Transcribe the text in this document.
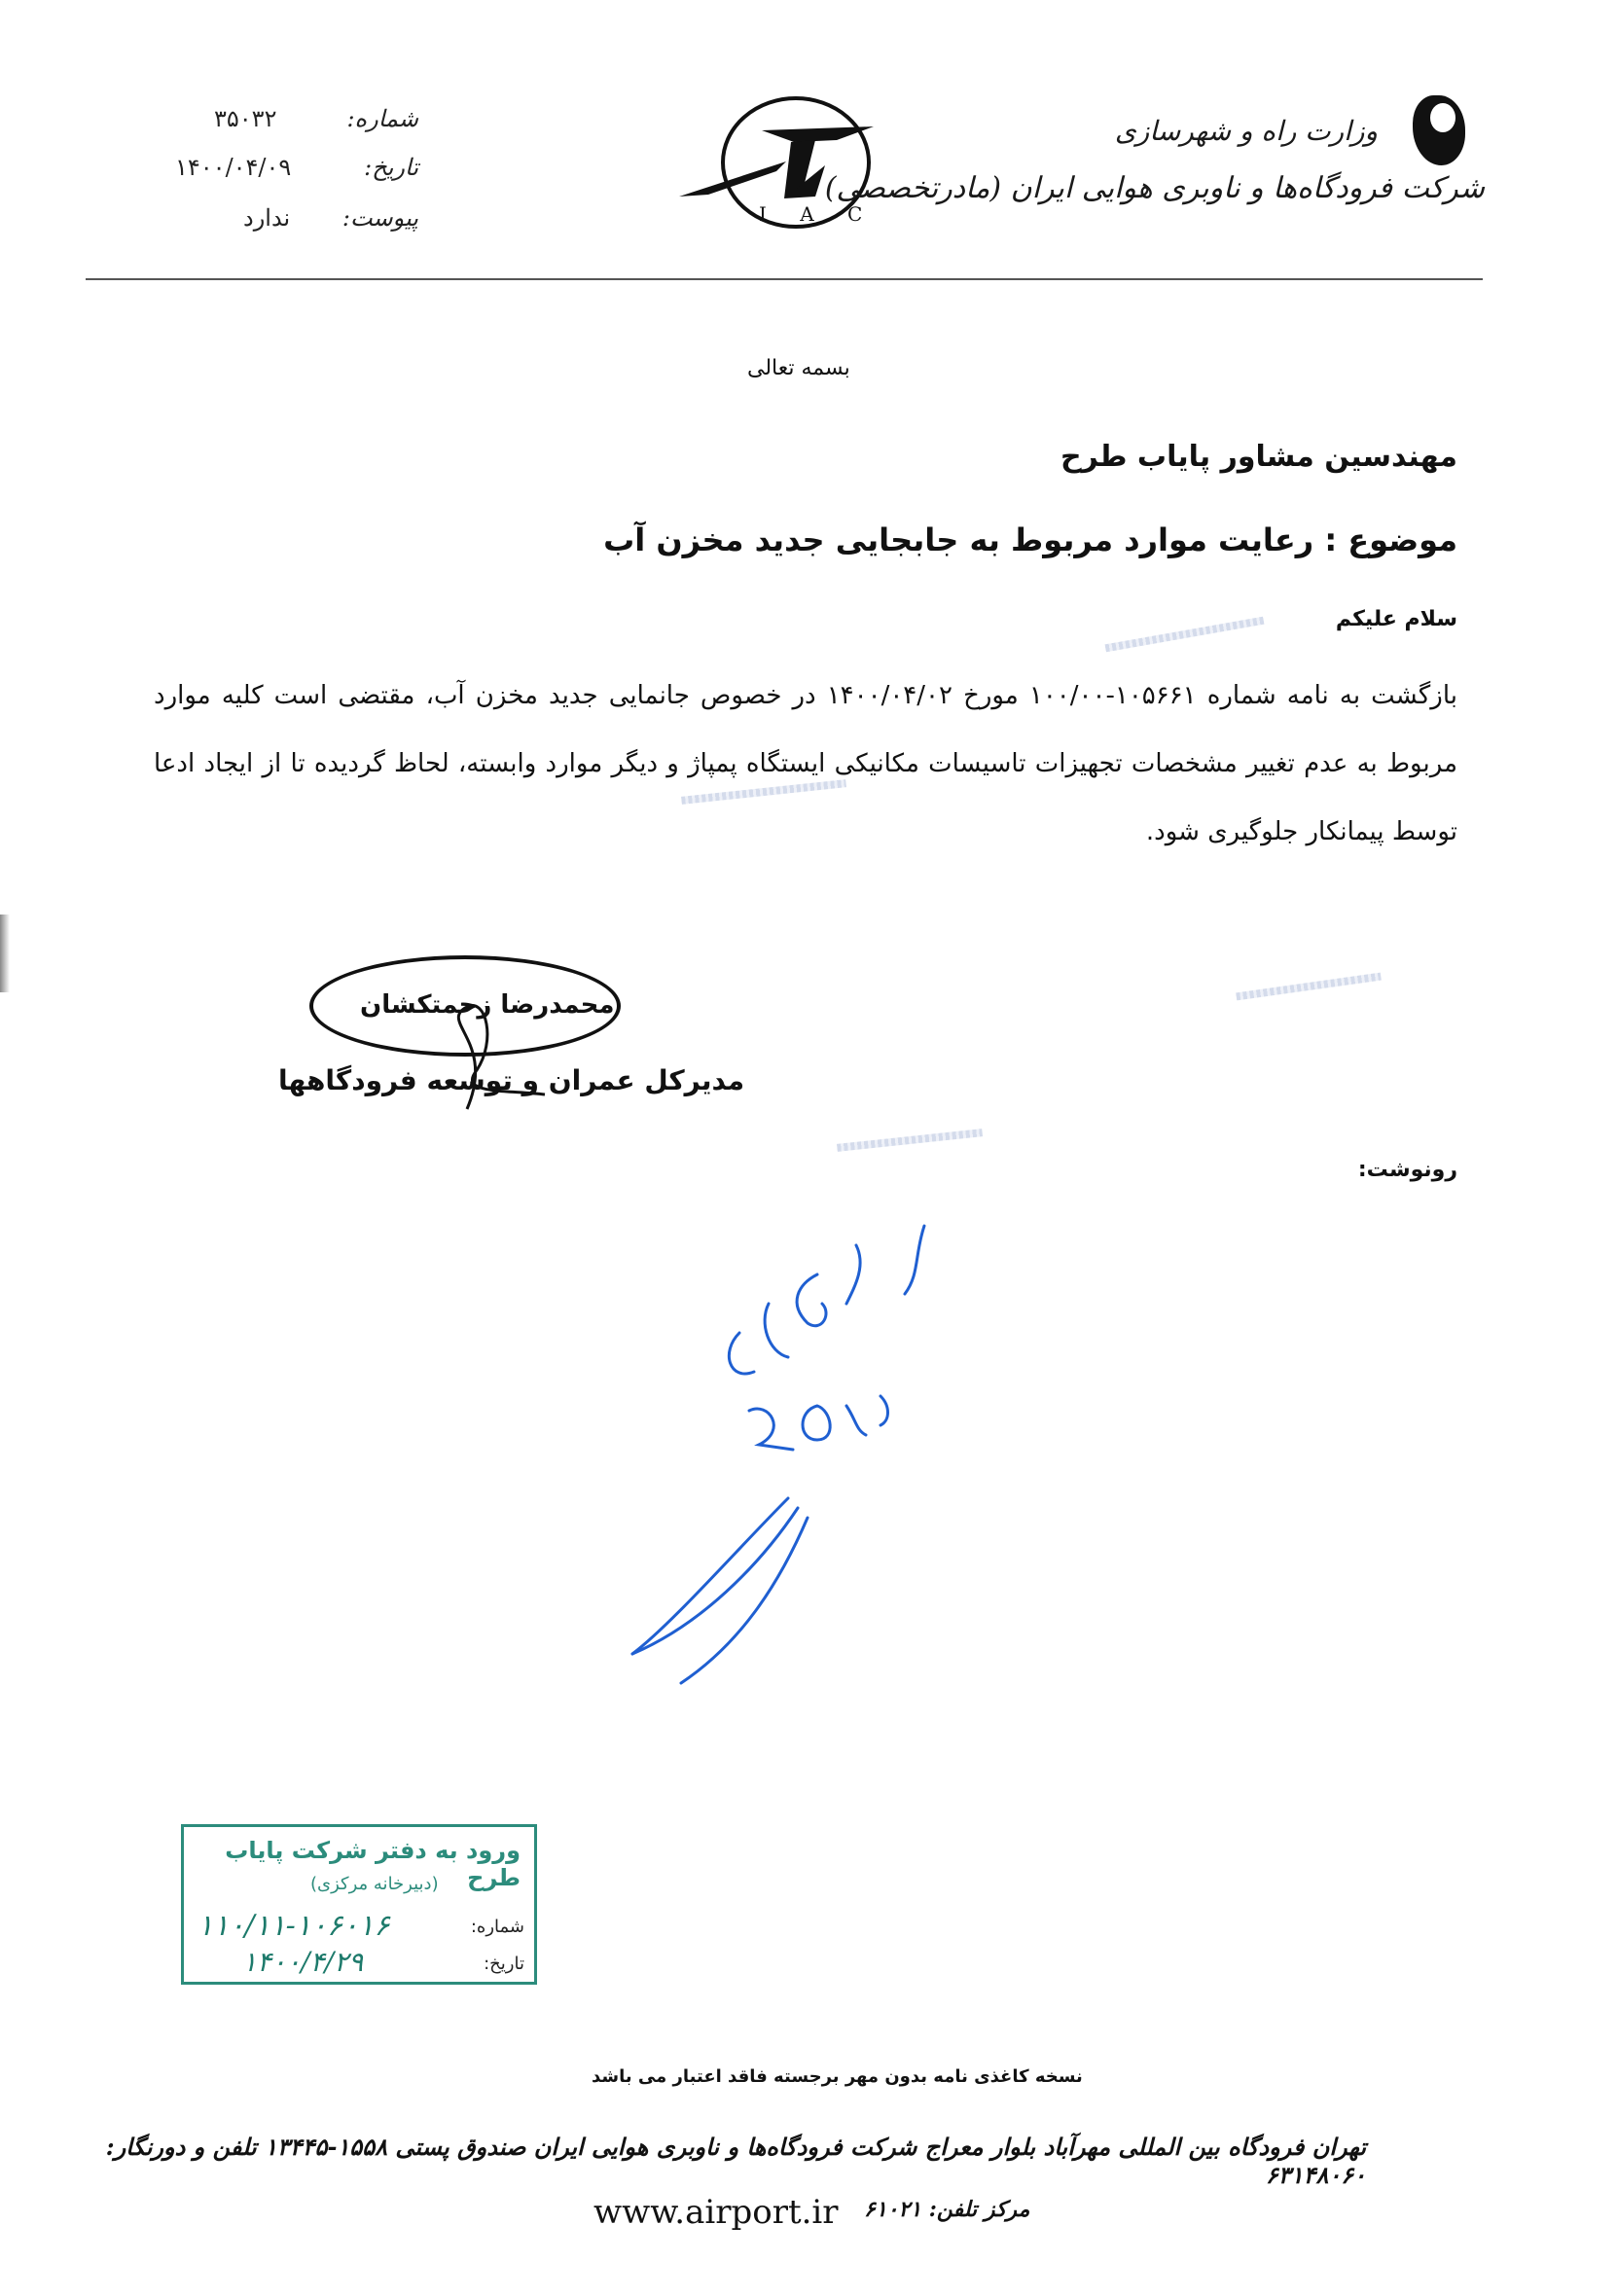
شماره:
۳۵۰۳۲
تاریخ:
۱۴۰۰/۰۴/۰۹
پیوست:
ندارد	I A C
وزارت راه و شهرسازی
شرکت فرودگاه‌ها و ناوبری هوایی ایران (مادرتخصصی)
بسمه تعالی
مهندسین مشاور پایاب طرح
موضوع : رعایت موارد مربوط به جابجایی جدید مخزن آب
سلام علیکم
بازگشت به نامه شماره ۱۰۵۶۶۱-۱۰۰/۰۰ مورخ ۱۴۰۰/۰۴/۰۲ در خصوص جانمایی جدید مخزن آب، مقتضی است کلیه موارد مربوط به عدم تغییر مشخصات تجهیزات تاسیسات مکانیکی ایستگاه پمپاژ و دیگر موارد وابسته، لحاظ گردیده تا از ایجاد ادعا توسط پیمانکار جلوگیری شود.
محمدرضا زحمتکشان
مدیرکل عمران و توسعه فرودگاهها
رونوشت:
ورود به دفتر شرکت پایاب طرح
(دبیرخانه مرکزی)
شماره:
۱۱۰/۱۱-۱۰۶۰۱۶
تاریخ:
۱۴۰۰/۴/۲۹
نسخه کاغذی نامه بدون مهر برجسته فاقد اعتبار می باشد
تهران فرودگاه بین المللی مهرآباد بلوار معراج شرکت فرودگاه‌ها و ناوبری هوایی ایران صندوق پستی ۱۵۵۸-۱۳۴۴۵ تلفن و دورنگار: ۶۳۱۴۸۰۶۰
www.airport.ir مرکز تلفن: ۶۱۰۲۱
